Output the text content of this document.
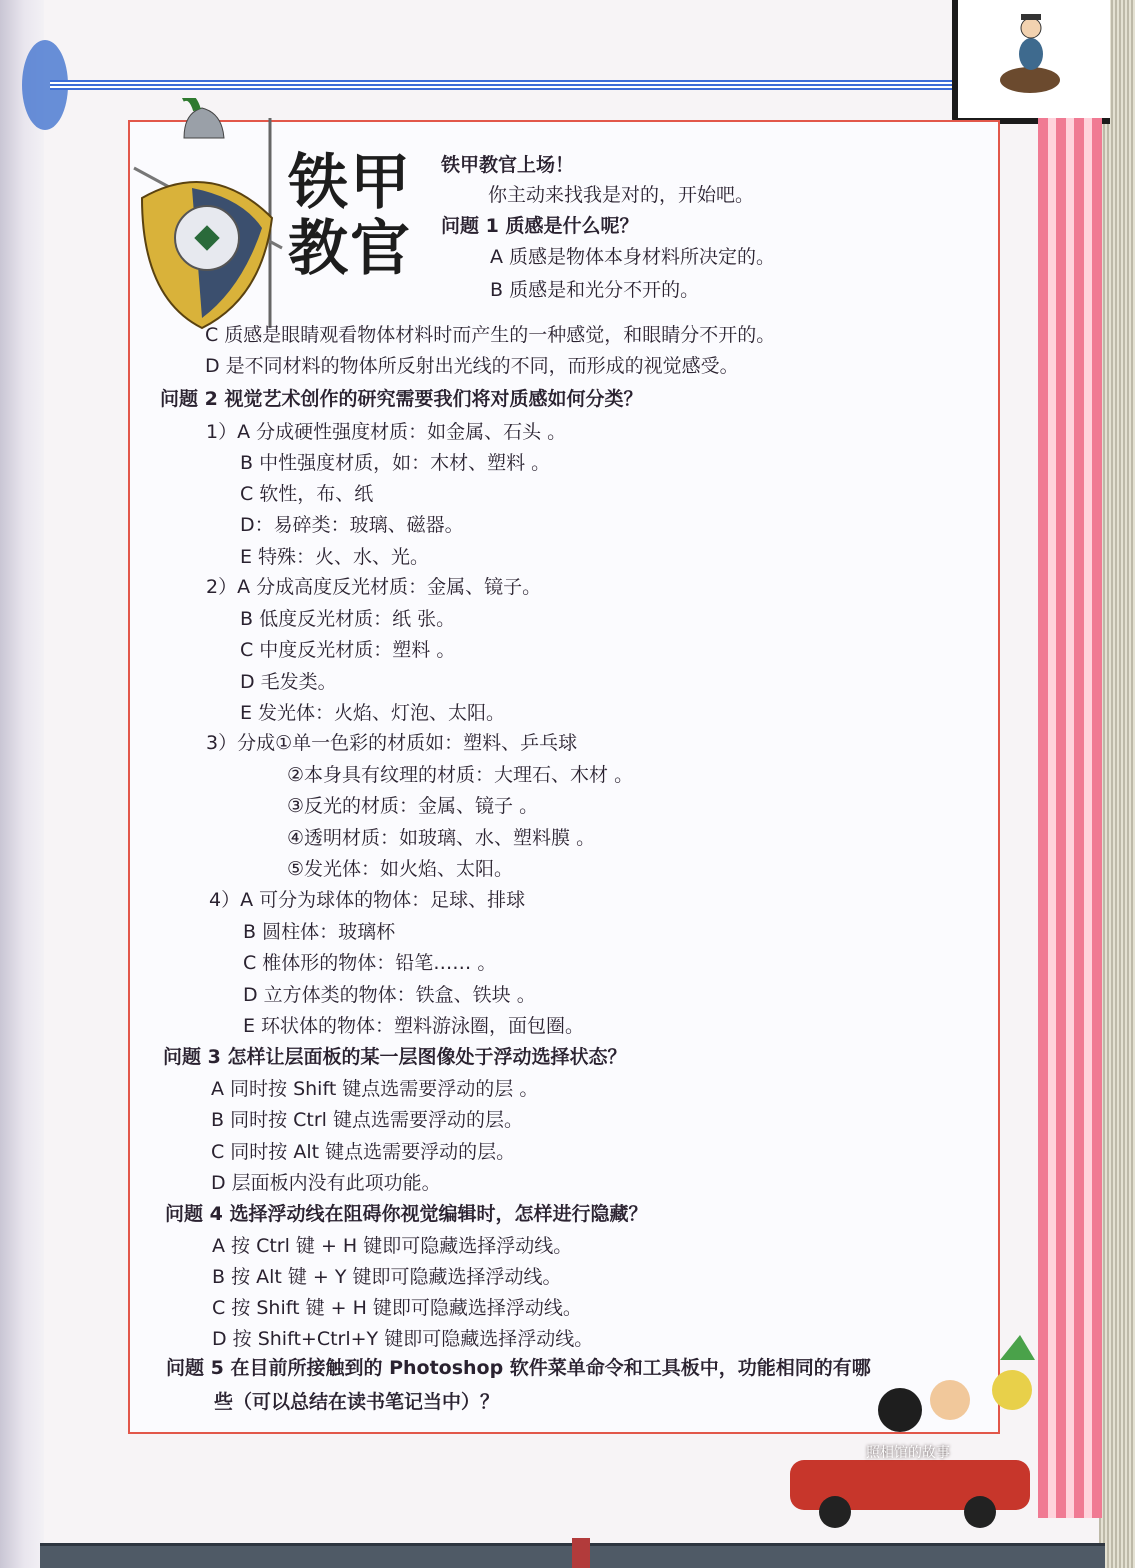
铁甲
教官
铁甲教官上场！
你主动来找我是对的，开始吧。
问题 1 质感是什么呢？
A 质感是物体本身材料所决定的。
B 质感是和光分不开的。
C 质感是眼睛观看物体材料时而产生的一种感觉，和眼睛分不开的。
D 是不同材料的物体所反射出光线的不同，而形成的视觉感受。
问题 2 视觉艺术创作的研究需要我们将对质感如何分类？
1）A 分成硬性强度材质：如金属、石头 。
B 中性强度材质，如：木材、塑料 。
C 软性，布、纸
D：易碎类：玻璃、磁器。
E 特殊：火、水、光。
2）A 分成高度反光材质：金属、镜子。
B 低度反光材质：纸 张。
C 中度反光材质：塑料 。
D 毛发类。
E 发光体：火焰、灯泡、太阳。
3）分成①单一色彩的材质如：塑料、乒乓球
②本身具有纹理的材质：大理石、木材 。
③反光的材质：金属、镜子 。
④透明材质：如玻璃、水、塑料膜 。
⑤发光体：如火焰、太阳。
4）A 可分为球体的物体：足球、排球
B 圆柱体：玻璃杯
C 椎体形的物体：铅笔…… 。
D 立方体类的物体：铁盒、铁块 。
E 环状体的物体：塑料游泳圈，面包圈。
问题 3 怎样让层面板的某一层图像处于浮动选择状态？
A 同时按 Shift 键点选需要浮动的层 。
B 同时按 Ctrl 键点选需要浮动的层。
C 同时按 Alt 键点选需要浮动的层。
D 层面板内没有此项功能。
问题 4 选择浮动线在阻碍你视觉编辑时，怎样进行隐藏？
A 按 Ctrl 键 + H 键即可隐藏选择浮动线。
B 按 Alt 键 + Y 键即可隐藏选择浮动线。
C 按 Shift 键 + H 键即可隐藏选择浮动线。
D 按 Shift+Ctrl+Y 键即可隐藏选择浮动线。
问题 5 在目前所接触到的 Photoshop 软件菜单命令和工具板中，功能相同的有哪
些（可以总结在读书笔记当中）？
照相馆的故事
